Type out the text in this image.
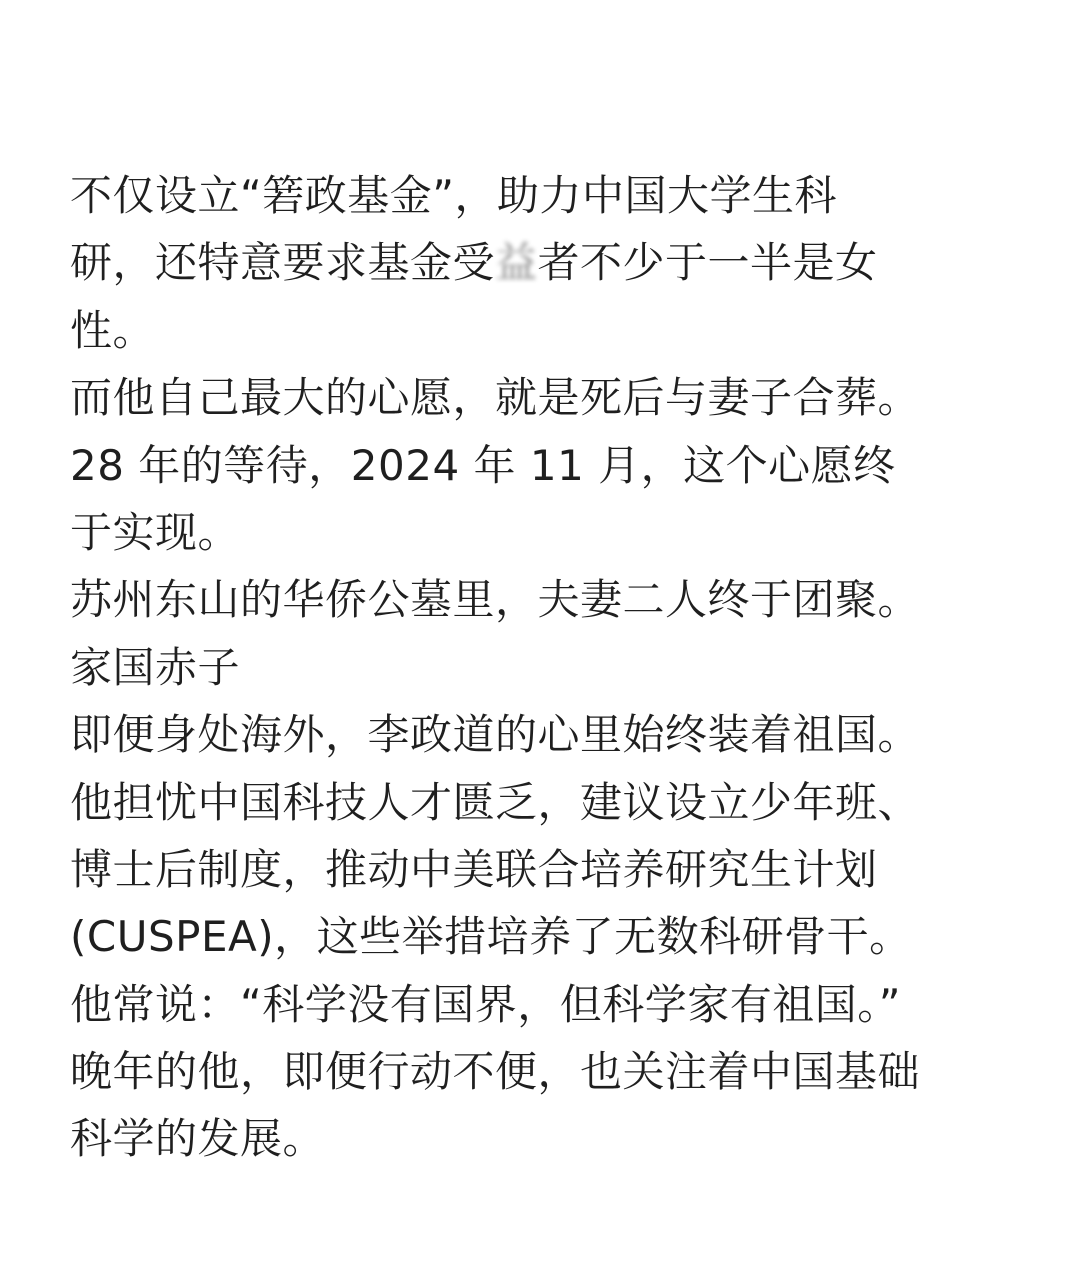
不仅设立“箬政基金”，助力中国大学生科
研，还特意要求基金受益者不少于一半是女
性。
而他自己最大的心愿，就是死后与妻子合葬。
28 年的等待，2024 年 11 月，这个心愿终
于实现。
苏州东山的华侨公墓里，夫妻二人终于团聚。
家国赤子
即便身处海外，李政道的心里始终装着祖国。
他担忧中国科技人才匮乏，建议设立少年班、
博士后制度，推动中美联合培养研究生计划
(CUSPEA)，这些举措培养了无数科研骨干。
他常说：“科学没有国界，但科学家有祖国。”
晚年的他，即便行动不便，也关注着中国基础
科学的发展。
